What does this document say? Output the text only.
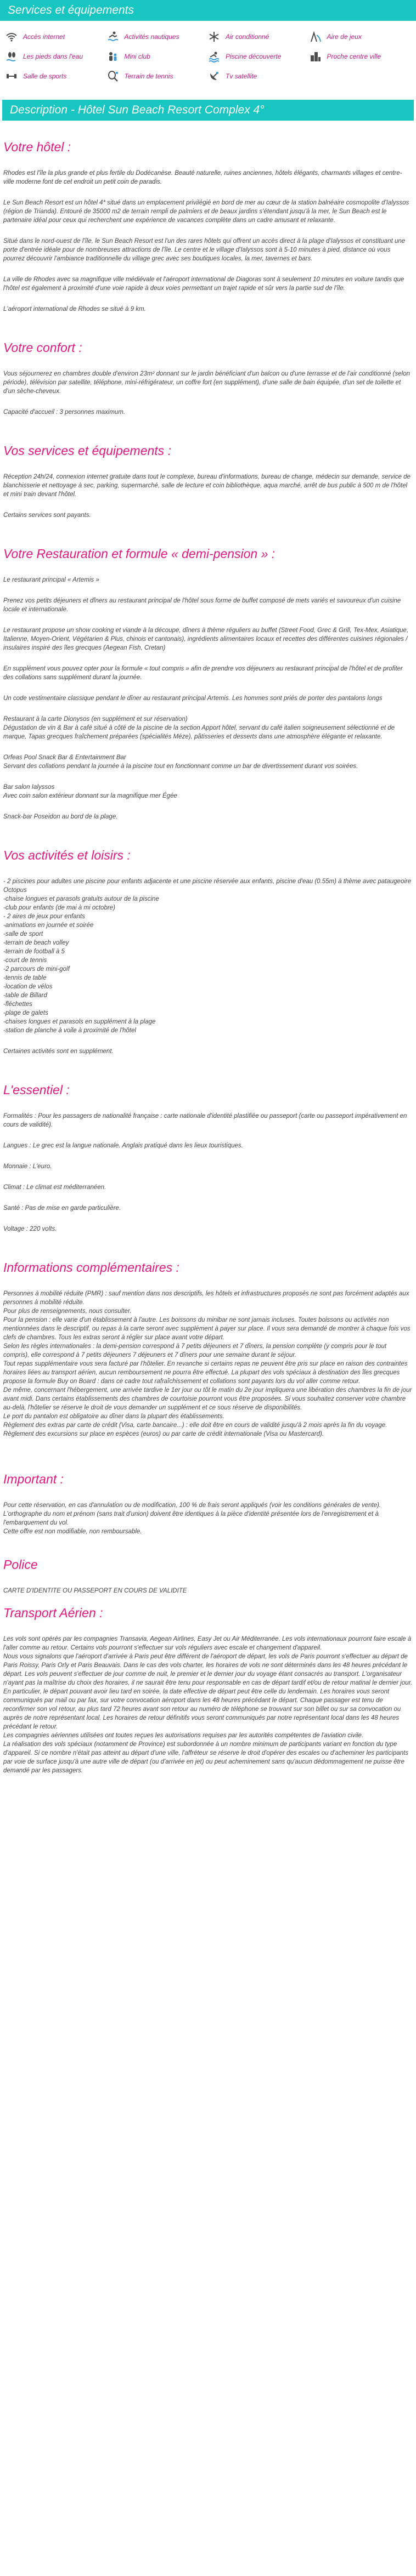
Services et équipements
Accès internet	Activités nautiques	Air conditionné	Aire de jeux
Les pieds dans l'eau	Mini club	Piscine découverte	Proche centre ville
Salle de sports	Terrain de tennis	Tv satellite
Description - Hôtel Sun Beach Resort Complex 4°
Votre hôtel :

Rhodes est l'île la plus grande et plus fertile du Dodécanèse. Beauté naturelle, ruines anciennes, hôtels élégants, charmants villages et centre-ville moderne font de cet endroit un petit coin de paradis.

Le Sun Beach Resort est un hôtel 4* situé dans un emplacement privilégié en bord de mer au cœur de la station balnéaire cosmopolite d'Ialyssos (région de Trianda). Entouré de 35000 m2 de terrain rempli de palmiers et de beaux jardins s'étendant jusqu'à la mer, le Sun Beach est le partenaire idéal pour ceux qui recherchent une expérience de vacances complète dans un cadre amusant et relaxante.

Situé dans le nord-ouest de l'île, le Sun Beach Resort est l'un des rares hôtels qui offrent un accès direct à la plage d'Ialyssos et constituant une porte d'entrée idéale pour de nombreuses attractions de l'île. Le centre et le village d'Ialyssos sont à 5-10 minutes à pied, distance où vous pourrez découvrir l'ambiance traditionnelle du village grec avec ses boutiques locales, la mer, tavernes et bars.

La ville de Rhodes avec sa magnifique ville médiévale et l'aéroport international de Diagoras sont à seulement 10 minutes en voiture tandis que l'hôtel est également à proximité d'une voie rapide à deux voies permettant un trajet rapide et sûr vers la partie sud de l'île.

L'aéroport international de Rhodes se situé à 9 km.

Votre confort :

Vous séjournerez en chambres double d'environ 23m² donnant sur le jardin bénéficiant d'un balcon ou d'une terrasse et de l'air conditionné (selon période), télévision par satellite, téléphone, mini-réfrigérateur, un coffre fort (en supplément), d'une salle de bain équipée, d'un set de toilette et d'un sèche-cheveux.

Capacité d'accueil : 3 personnes maximum.

Vos services et équipements :

Réception 24h/24, connexion internet gratuite dans tout le complexe, bureau d'informations, bureau de change, médecin sur demande, service de blanchisserie et nettoyage à sec, parking, supermarché, salle de lecture et coin bibliothèque, aqua marché, arrêt de bus public à 500 m de l'hôtel et mini train devant l'hôtel.

Certains services sont payants.

Votre Restauration et formule « demi-pension » :

Le restaurant principal « Artemis »

Prenez vos petits déjeuners et dîners au restaurant principal de l'hôtel sous forme de buffet composé de mets variés et savoureux d'un cuisine locale et internationale.

Le restaurant propose un show cooking et viande à la découpe, dîners à thème réguliers au buffet (Street Food, Grec & Grill, Tex-Mex, Asiatique, Italienne, Moyen-Orient, Végétarien & Plus, chinois et cantonais), ingrédients alimentaires locaux et recettes des différentes cuisines régionales / insulaires inspiré des îles grecques (Aegean Fish, Cretan)

En supplément vous pouvez opter pour la formule « tout compris » afin de prendre vos déjeuners au restaurant principal de l'hôtel et de profiter des collations sans supplément durant la journée.

Un code vestimentaire classique pendant le dîner au restaurant principal Artemis. Les hommes sont priés de porter des pantalons longs

Restaurant à la carte Dionysos (en supplément et sur réservation)
Dégustation de vin & Bar à café situé à côté de la piscine de la section Apport hôtel, servant du café italien soigneusement sélectionné et de marque, Tapas grecques fraîchement préparées (spécialités Méze), pâtisseries et desserts dans une atmosphère élégante et relaxante.

Orfeas Pool Snack Bar & Entertainment Bar
Servant des collations pendant la journée à la piscine tout en fonctionnant comme un bar de divertissement durant vos soirées.

Bar salon Ialyssos
Avec coin salon extérieur donnant sur la magnifique mer Égée

Snack-bar Poseidon au bord de la plage.

Vos activités et loisirs :

- 2 piscines pour adultes une piscine pour enfants adjacente et une piscine réservée aux enfants, piscine d'eau (0.55m) à thème avec pataugeoire Octopus
-chaise longues et parasols gratuits autour de la piscine
-club pour enfants (de mai à mi octobre)
- 2 aires de jeux pour enfants
-animations en journée et soirée
-salle de sport
-terrain de beach volley
-terrain de football à 5
-court de tennis
-2 parcours de mini-golf
-tennis de table
-location de vélos
-table de Billard
-fléchettes
-plage de galets
-chaises longues et parasols en supplément à la plage
-station de planche à voile à proximité de l'hôtel

Certaines activités sont en supplément.

L'essentiel :

Formalités : Pour les passagers de nationalité française : carte nationale d'identité plastifiée ou passeport (carte ou passeport impérativement en cours de validité).

Langues : Le grec est la langue nationale. Anglais pratiqué dans les lieux touristiques.

Monnaie : L'euro.

Climat : Le climat est méditerranéen.

Santé : Pas de mise en garde particulière.

Voltage : 220 volts.

Informations complémentaires :

Personnes à mobilité réduite (PMR) : sauf mention dans nos descriptifs, les hôtels et infrastructures proposés ne sont pas forcément adaptés aux personnes à mobilité réduite.
Pour plus de renseignements, nous consulter.
Pour la pension : elle varie d'un établissement à l'autre. Les boissons du minibar ne sont jamais incluses. Toutes boissons ou activités non mentionnées dans le descriptif, ou repas à la carte seront avec supplément à payer sur place. Il vous sera demandé de montrer à chaque fois vos clefs de chambres. Tous les extras seront à régler sur place avant votre départ.
Selon les règles internationales : la demi-pension correspond à 7 petits déjeuners et 7 dîners, la pension complète (y compris pour le tout compris), elle correspond à 7 petits déjeuners 7 déjeuners et 7 dîners pour une semaine durant le séjour.
Tout repas supplémentaire vous sera facturé par l'hôtelier. En revanche si certains repas ne peuvent être pris sur place en raison des contraintes horaires liées au transport aérien, aucun remboursement ne pourra être effectué. La plupart des vols spéciaux à destination des îles grecques propose la formule Buy on Board : dans ce cadre tout rafraîchissement et collations sont payants lors du vol aller comme retour.
De même, concernant l'hébergement, une arrivée tardive le 1er jour ou tôt le matin du 2e jour impliquera une libération des chambres la fin de jour avant midi. Dans certains établissements des chambres de courtoisie pourront vous être proposées. Si vous souhaitez conserver votre chambre au-delà, l'hôtelier se réserve le droit de vous demander un supplément et ce sous réserve de disponibilités.
Le port du pantalon est obligatoire au dîner dans la plupart des établissements.
Règlement des extras par carte de crédit (Visa, carte bancaire...) : elle doit être en cours de validité jusqu'à 2 mois après la fin du voyage.
Règlement des excursions sur place en espèces (euros) ou par carte de crédit internationale (Visa ou Mastercard).

Important :

Pour cette réservation, en cas d'annulation ou de modification, 100 % de frais seront appliqués (voir les conditions générales de vente).
L'orthographe du nom et prénom (sans trait d'union) doivent être identiques à la pièce d'identité présentée lors de l'enregistrement et à l'embarquement du vol.
Cette offre est non modifiable, non remboursable.

Police

CARTE D'IDENTITE OU PASSEPORT EN COURS DE VALIDITE

Transport Aérien :

Les vols sont opérés par les compagnies Transavia, Aegean Airlines, Easy Jet ou Air Méditerranée. Les vols internationaux pourront faire escale à l'aller comme au retour. Certains vols pourront s'effectuer sur vols réguliers avec escale et changement d'appareil.
Nous vous signalons que l'aéroport d'arrivée à Paris peut être différent de l'aéroport de départ, les vols de Paris pourront s'effectuer au départ de Paris Roissy, Paris Orly et Paris Beauvais. Dans le cas des vols charter, les horaires de vols ne sont déterminés dans les 48 heures précédant le départ. Les vols peuvent s'effectuer de jour comme de nuit, le premier et le dernier jour du voyage étant consacrés au transport. L'organisateur n'ayant pas la maîtrise du choix des horaires, il ne saurait être tenu pour responsable en cas de départ tardif et/ou de retour matinal le dernier jour. En particulier, le départ pouvant avoir lieu tard en soirée, la date effective de départ peut être celle du lendemain. Les horaires vous seront communiqués par mail ou par fax, sur votre convocation aéroport dans les 48 heures précédant le départ. Chaque passager est tenu de reconfirmer son vol retour, au plus tard 72 heures avant son retour au numéro de téléphone se trouvant sur son billet ou sur sa convocation ou auprès de notre représentant local. Les horaires de retour définitifs vous seront communiqués par notre représentant local dans les 48 heures précédant le retour.
Les compagnies aériennes utilisées ont toutes reçues les autorisations requises par les autorités compétentes de l'aviation civile.
La réalisation des vols spéciaux (notamment de Province) est subordonnée à un nombre minimum de participants variant en fonction du type d'appareil. Si ce nombre n'était pas atteint au départ d'une ville, l'affréteur se réserve le droit d'opérer des escales ou d'acheminer les participants par voie de surface jusqu'à une autre ville de départ (ou d'arrivée en jet) ou peut acheminement sans qu'aucun dédommagement ne puisse être demandé par les passagers.
